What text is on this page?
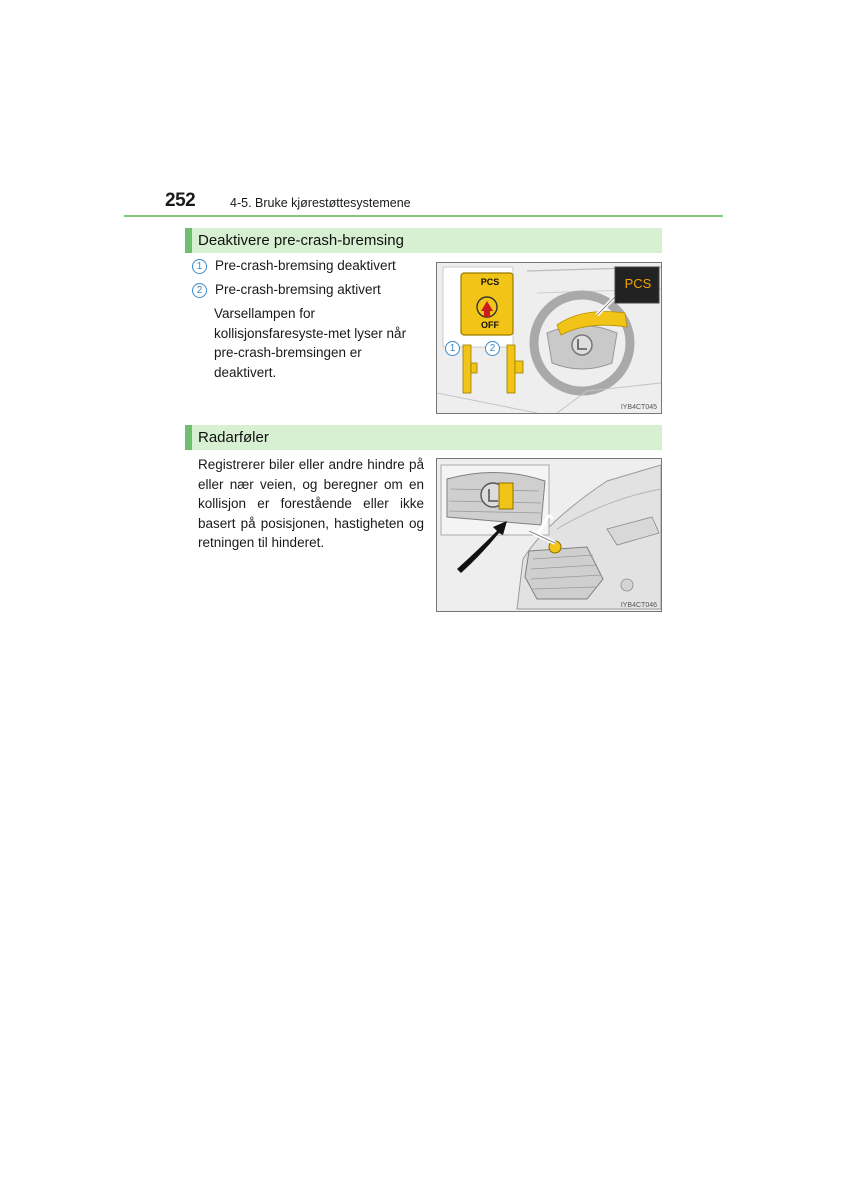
252	4-5. Bruke kjørestøttesystemene
Deaktivere pre-crash-bremsing
1 Pre-crash-bremsing deaktivert
2 Pre-crash-bremsing aktivert
Varsellampen for kollisjonsfaresyste-met lyser når pre-crash-bremsingen er deaktivert.
PCS
OFF
PCS
1	2
IYB4CT045
Radarføler
Registrerer biler eller andre hindre på eller nær veien, og beregner om en kollisjon er forestående eller ikke basert på posisjonen, hastigheten og retningen til hinderet.
IYB4CT046
